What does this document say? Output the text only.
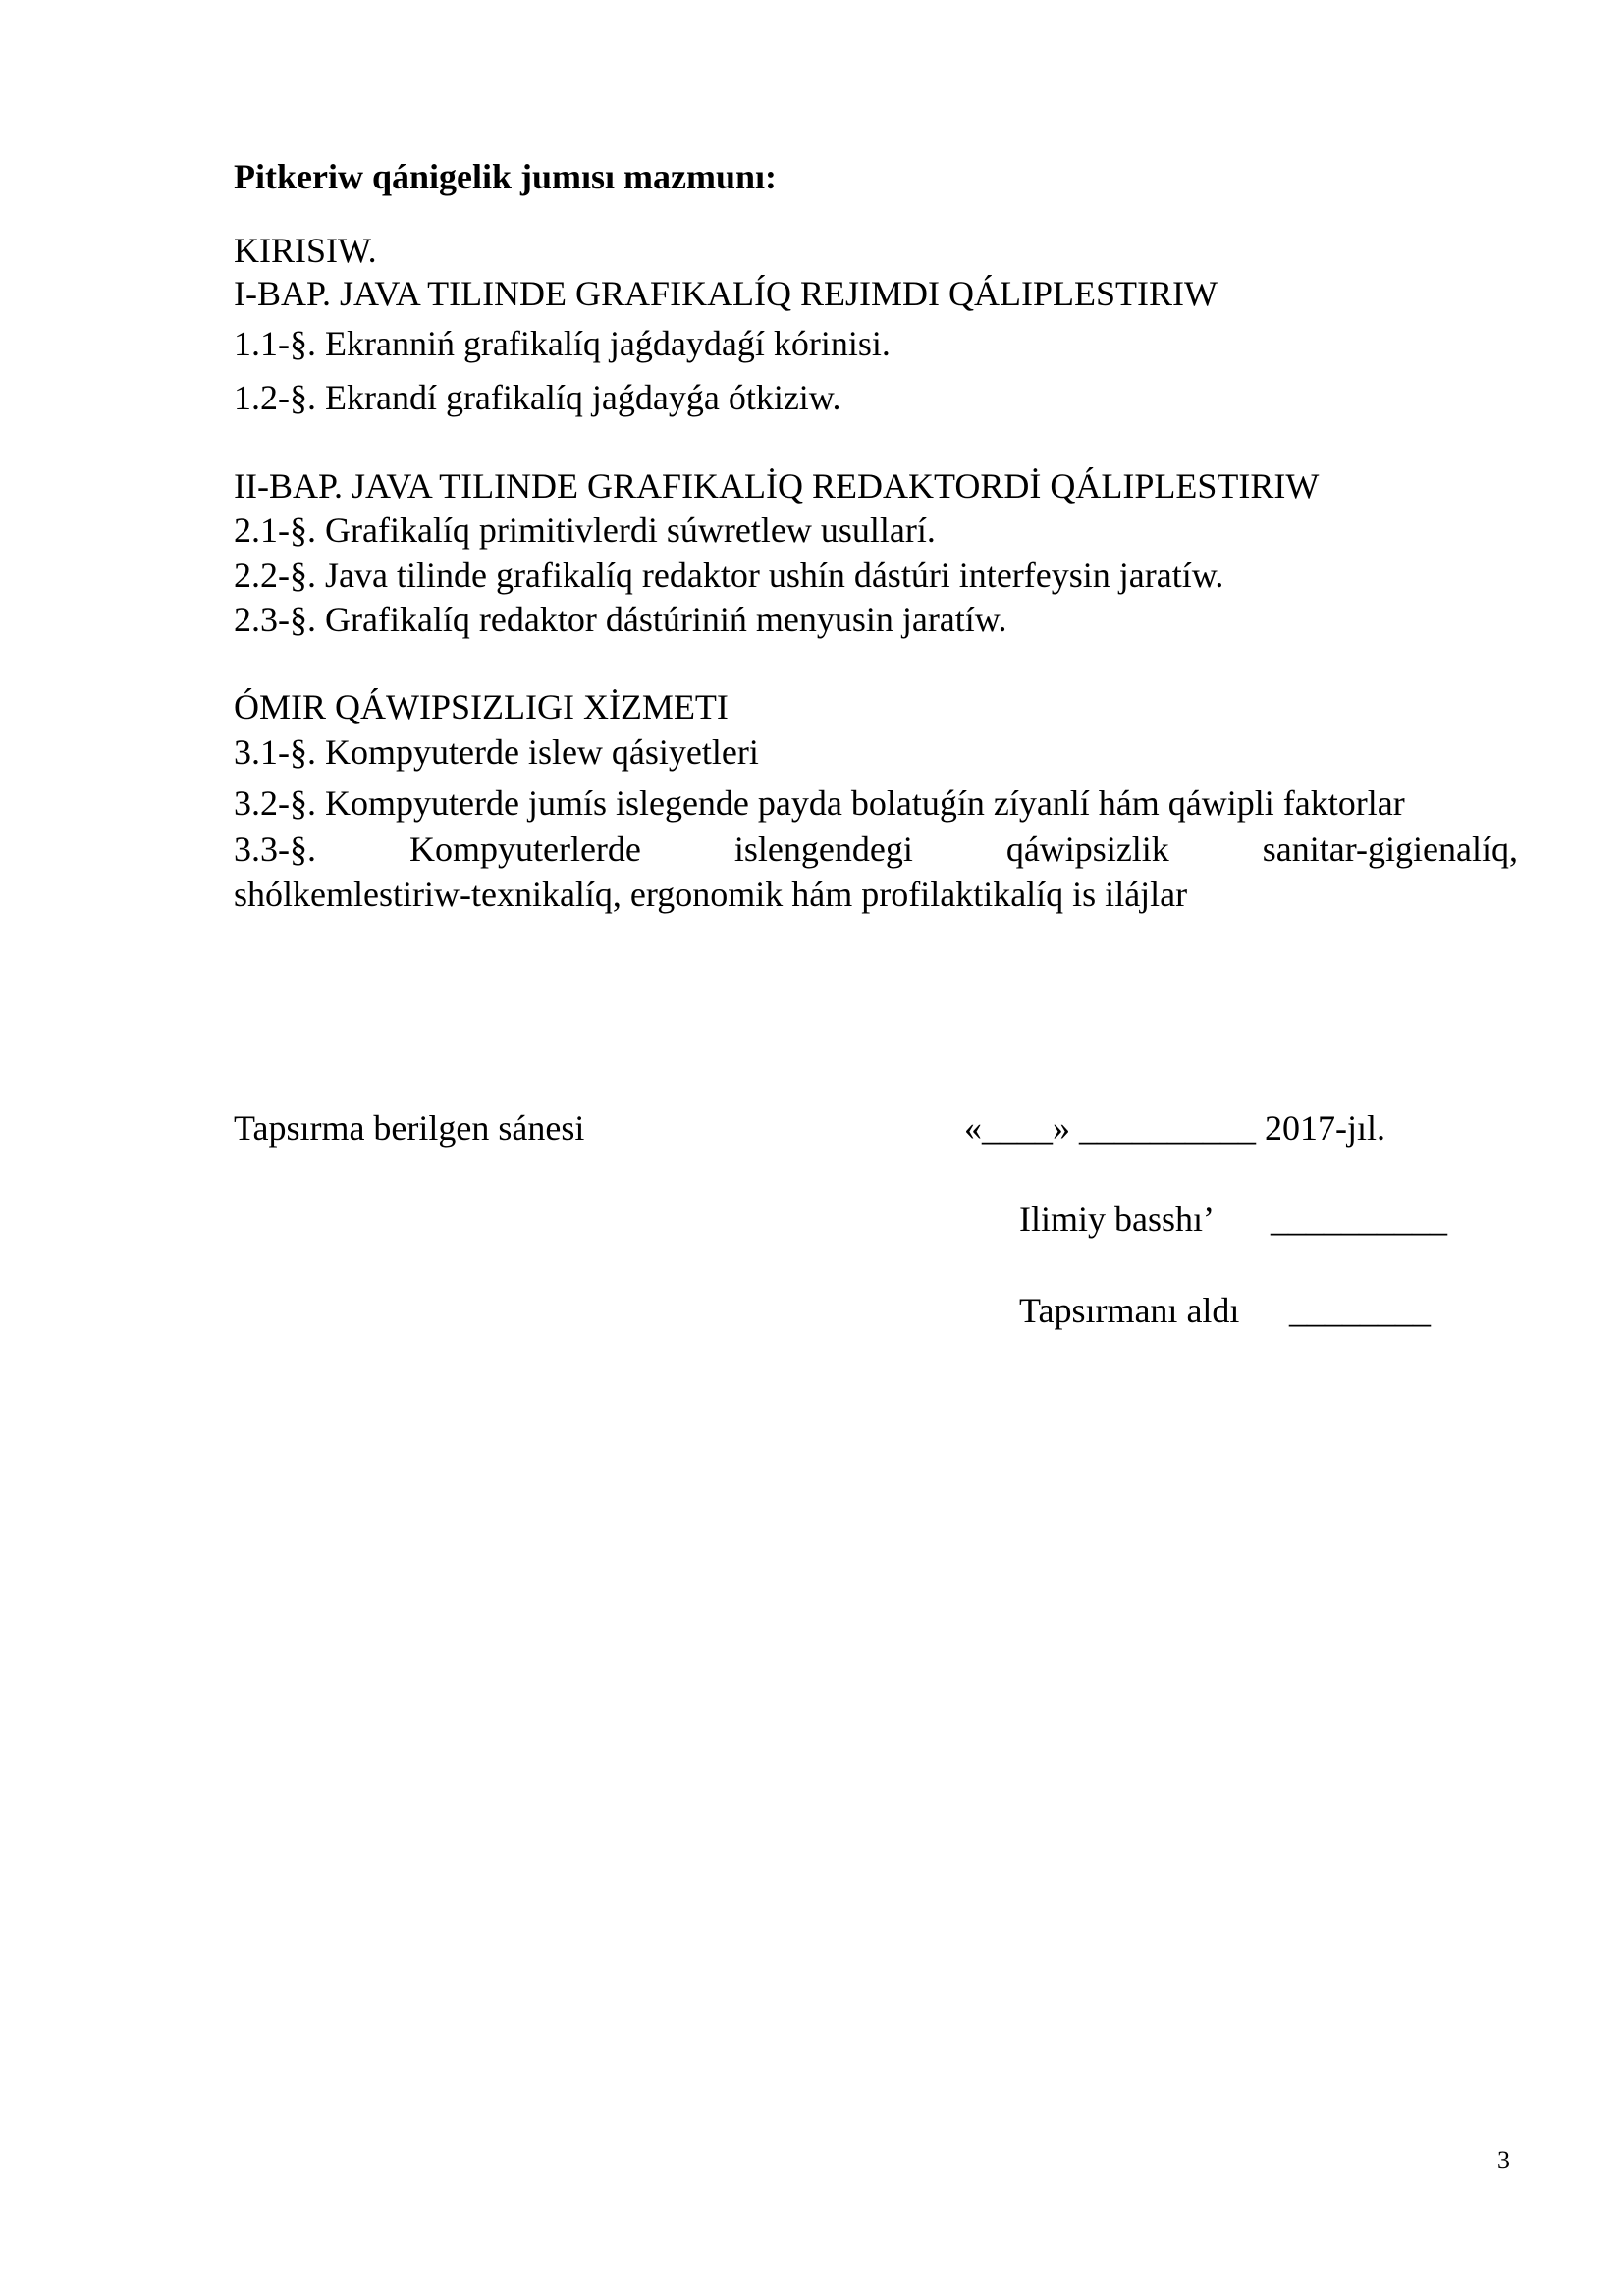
Pitkeriw qánigelik jumısı mazmunı:
KIRISIW.
I-BAP. JAVA TILINDE GRAFIKALÍQ REJIMDI QÁLIPLESTIRIW
1.1-§. Ekranniń grafikalíq jaǵdaydaǵí kórinisi.
1.2-§. Ekrandí grafikalíq jaǵdayǵa ótkiziw.
II-BAP. JAVA TILINDE GRAFIKALİQ REDAKTORDİ QÁLIPLESTIRIW
2.1-§. Grafikalíq primitivlerdi súwretlew usullarí.
2.2-§. Java tilinde grafikalíq redaktor ushín dástúri interfeysin jaratíw.
2.3-§. Grafikalíq redaktor dástúriniń menyusin jaratíw.
ÓMIR QÁWIPSIZLIGI XİZMETI
3.1-§. Kompyuterde islew qásiyetleri
3.2-§. Kompyuterde jumís islegende payda bolatuǵín zíyanlí hám qáwipli faktorlar
3.3-§. Kompyuterlerde islengendegi qáwipsizlik sanitar-gigienalíq,
shólkemlestiriw-texnikalíq, ergonomik hám profilaktikalíq is ilájlar
Tapsırma berilgen sánesi	«____» __________ 2017-jıl.
Ilimiy basshı’ __________
Tapsırmanı aldı ________
3
